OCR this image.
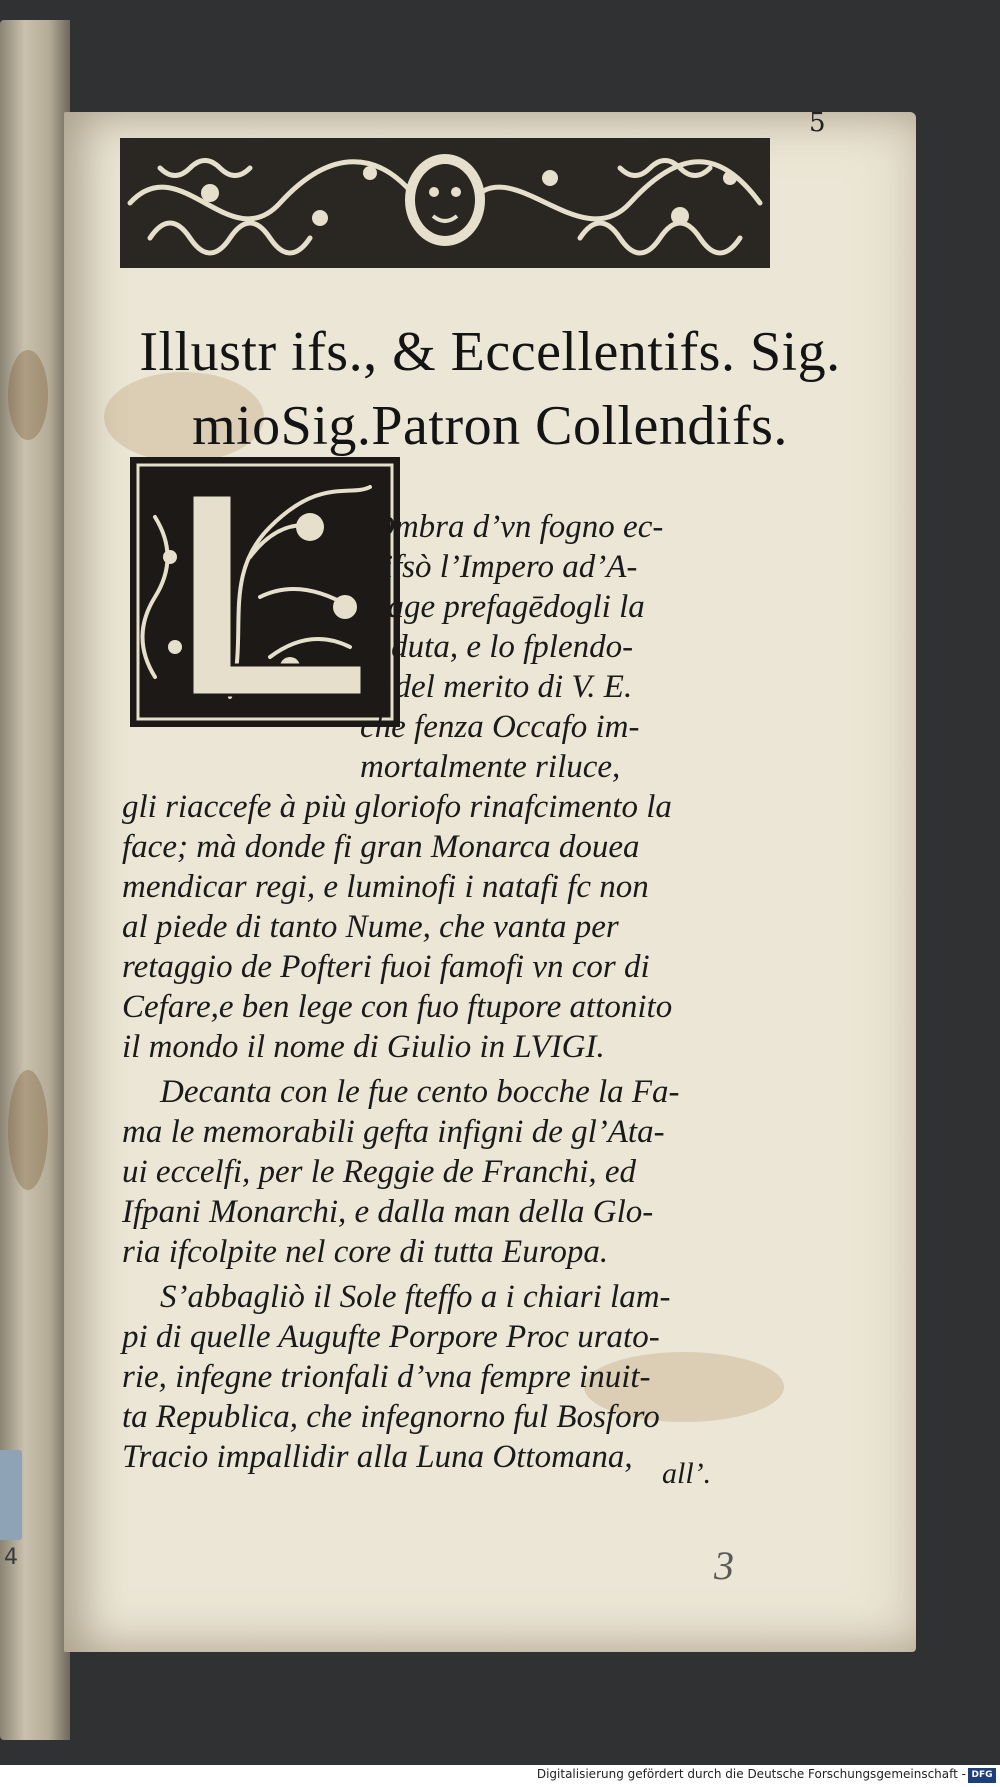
4
5
Illustr ifs., & Eccellentifs. Sig.
mioSig.Patron Collendifs.
’Ombra d’vn fogno ec-
clifsò l’Impero ad’A-
ftiage prefagēdogli la
caduta, e lo fplendo-
re del merito di V. E.
che fenza Occafo im-
mortalmente riluce,
gli riaccefe à più gloriofo rinafcimento la
face; mà donde fi gran Monarca douea
mendicar regi, e luminofi i natafi fc non
al piede di tanto Nume, che vanta per
retaggio de Pofteri fuoi famofi vn cor di
Cefare,e ben lege con fuo ftupore attonito
il mondo il nome di Giulio in LVIGI.
Decanta con le fue cento bocche la Fa-
ma le memorabili gefta infigni de gl’Ata-
ui eccelfi, per le Reggie de Franchi, ed
Ifpani Monarchi, e dalla man della Glo-
ria ifcolpite nel core di tutta Europa.
S’abbagliò il Sole fteffo a i chiari lam-
pi di quelle Augufte Porpore Proc urato-
rie, infegne trionfali d’vna fempre inuit-
ta Republica, che infegnorno ful Bosforo
all’.
3
Tracio impallidir alla Luna Ottomana,
Digitalisierung gefördert durch die Deutsche Forschungsgemeinschaft - DFG
